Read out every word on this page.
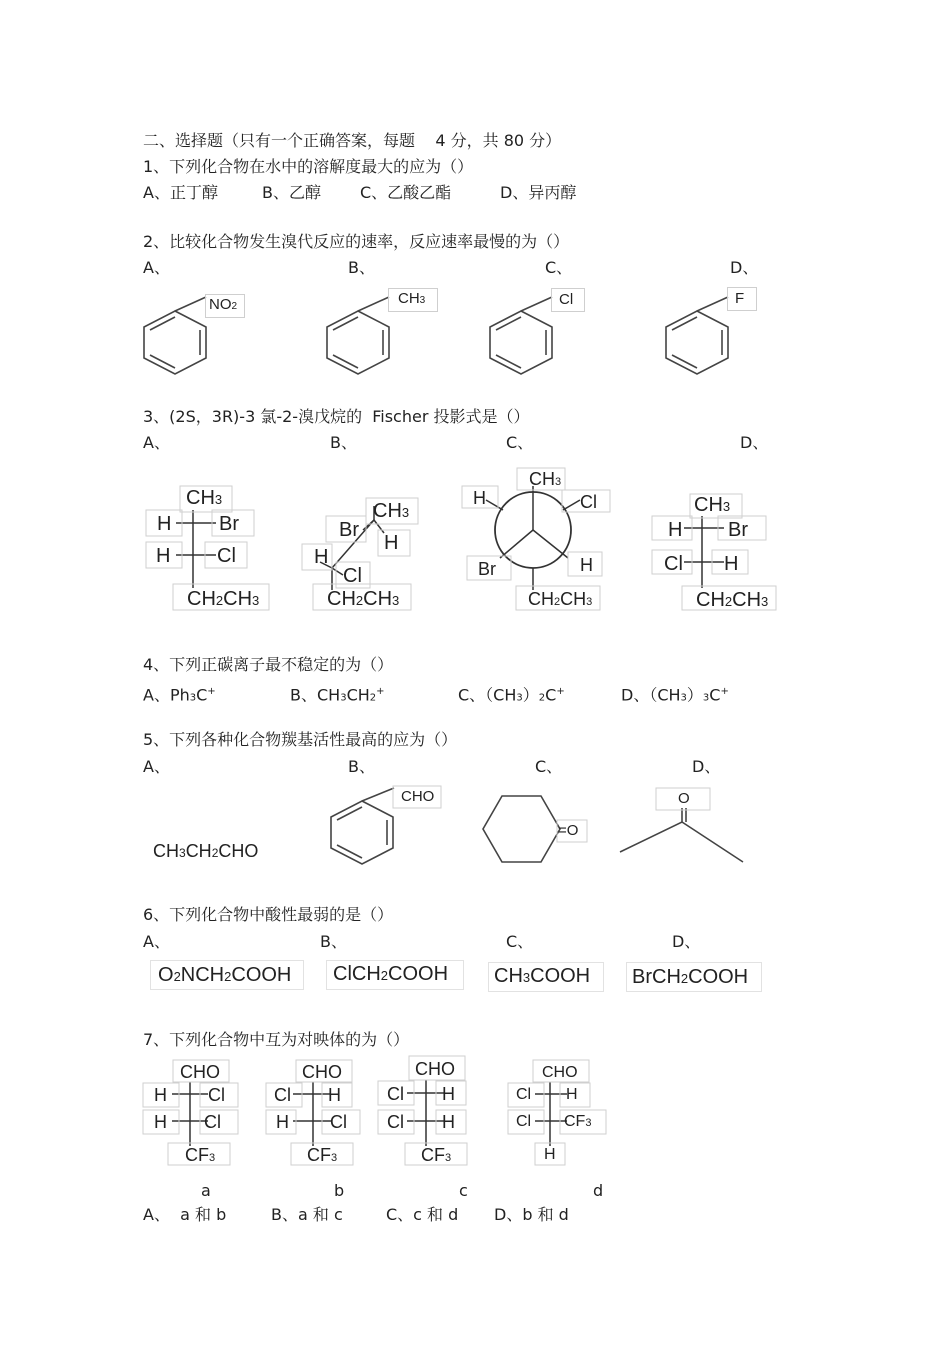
二、选择题（只有一个正确答案，每题    4 分，共 80 分）
1、下列化合物在水中的溶解度最大的应为（）
A、正丁醇	B、乙醇 C、乙酸乙酯	D、异丙醇
2、比较化合物发生溴代反应的速率，反应速率最慢的为（）
A、	B、	C、	D、
NO2	CH3	Cl	F
3、(2S，3R)-3 氯-2-溴戊烷的  Fischer 投影式是（）
A、	B、	C、	D、
CH3
H Br
H Cl
CH2CH3
CH3
Br
H
H
Cl
CH2CH3
CH3
H	Cl
Br	H
CH2CH3
CH3
H Br
Cl H
CH2CH3
4、下列正碳离子最不稳定的为（）
A、Ph3C+	B、CH3CH2+	C、（CH3）2C+	D、（CH3）3C+
5、下列各种化合物羰基活性最高的应为（）
A、	B、	C、	D、
CH3CH2CHO
CHO
=O
O
6、下列化合物中酸性最弱的是（）
A、	B、	C、	D、
O2NCH2COOH ClCH2COOH CH3COOH BrCH2COOH
7、下列化合物中互为对映体的为（）
CHO
H Cl
H Cl
CF3
CHO
Cl H
H Cl
CF3
CHO
Cl H
Cl H
CF3
CHO
Cl H
Cl CF3
H
a	b	c	d
A、  a 和 b	B、a 和 c	C、c 和 d D、b 和 d
